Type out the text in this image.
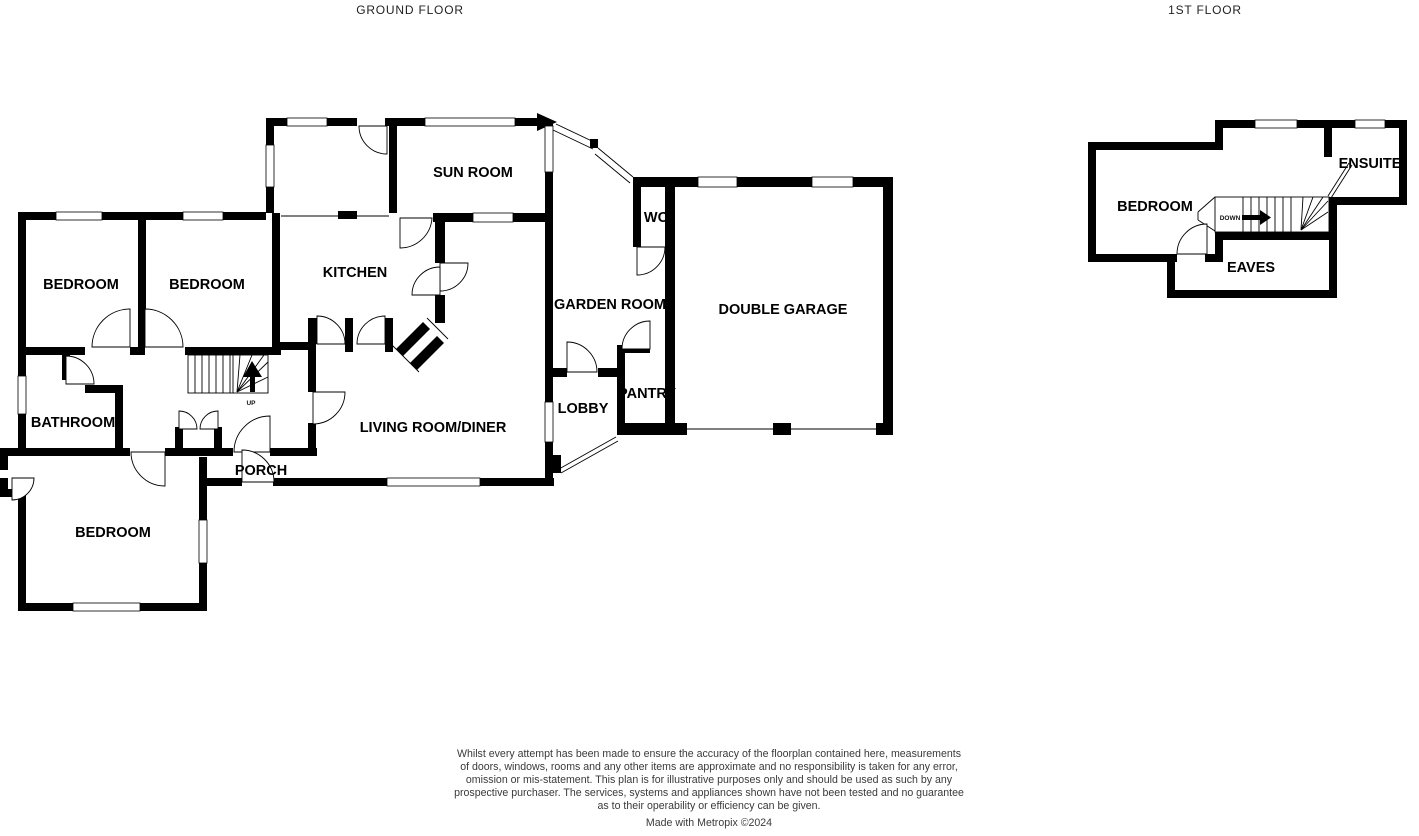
GROUND FLOOR
SUN ROOM
WC
KITCHEN
BEDROOM	BEDROOM
GARDEN ROOM	DOUBLE GARAGE
BATHROOM
LOBBY
PANTRY
LIVING ROOM/DINER
PORCH
BEDROOM
UP
1ST FLOOR
BEDROOM
ENSUITE
EAVES
DOWN
Whilst every attempt has been made to ensure the accuracy of the floorplan contained here, measurements
of doors, windows, rooms and any other items are approximate and no responsibility is taken for any error,
omission or mis-statement. This plan is for illustrative purposes only and should be used as such by any
prospective purchaser. The services, systems and appliances shown have not been tested and no guarantee
as to their operability or efficiency can be given.
Made with Metropix ©2024
